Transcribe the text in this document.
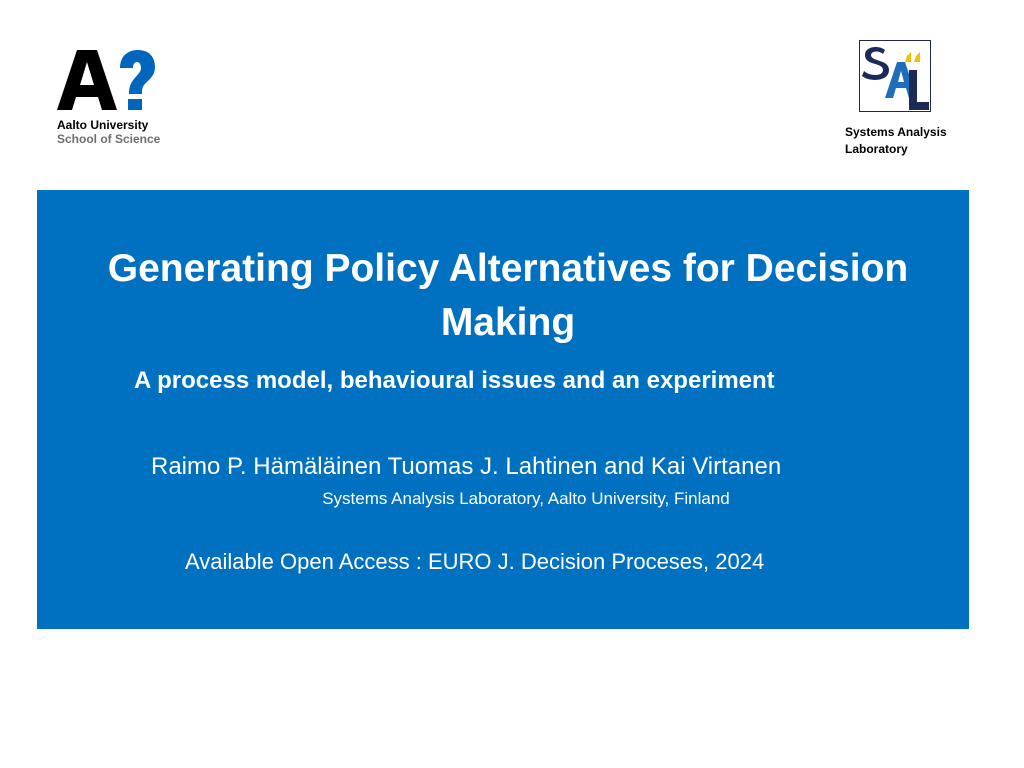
Aalto University
School of Science	Systems Analysis
Laboratory
Generating Policy Alternatives for Decision Making
A process model, behavioural issues and an experiment
Raimo P. Hämäläinen Tuomas J. Lahtinen and Kai Virtanen
Systems Analysis Laboratory, Aalto University, Finland
Available Open Access : EURO J. Decision Proceses, 2024
